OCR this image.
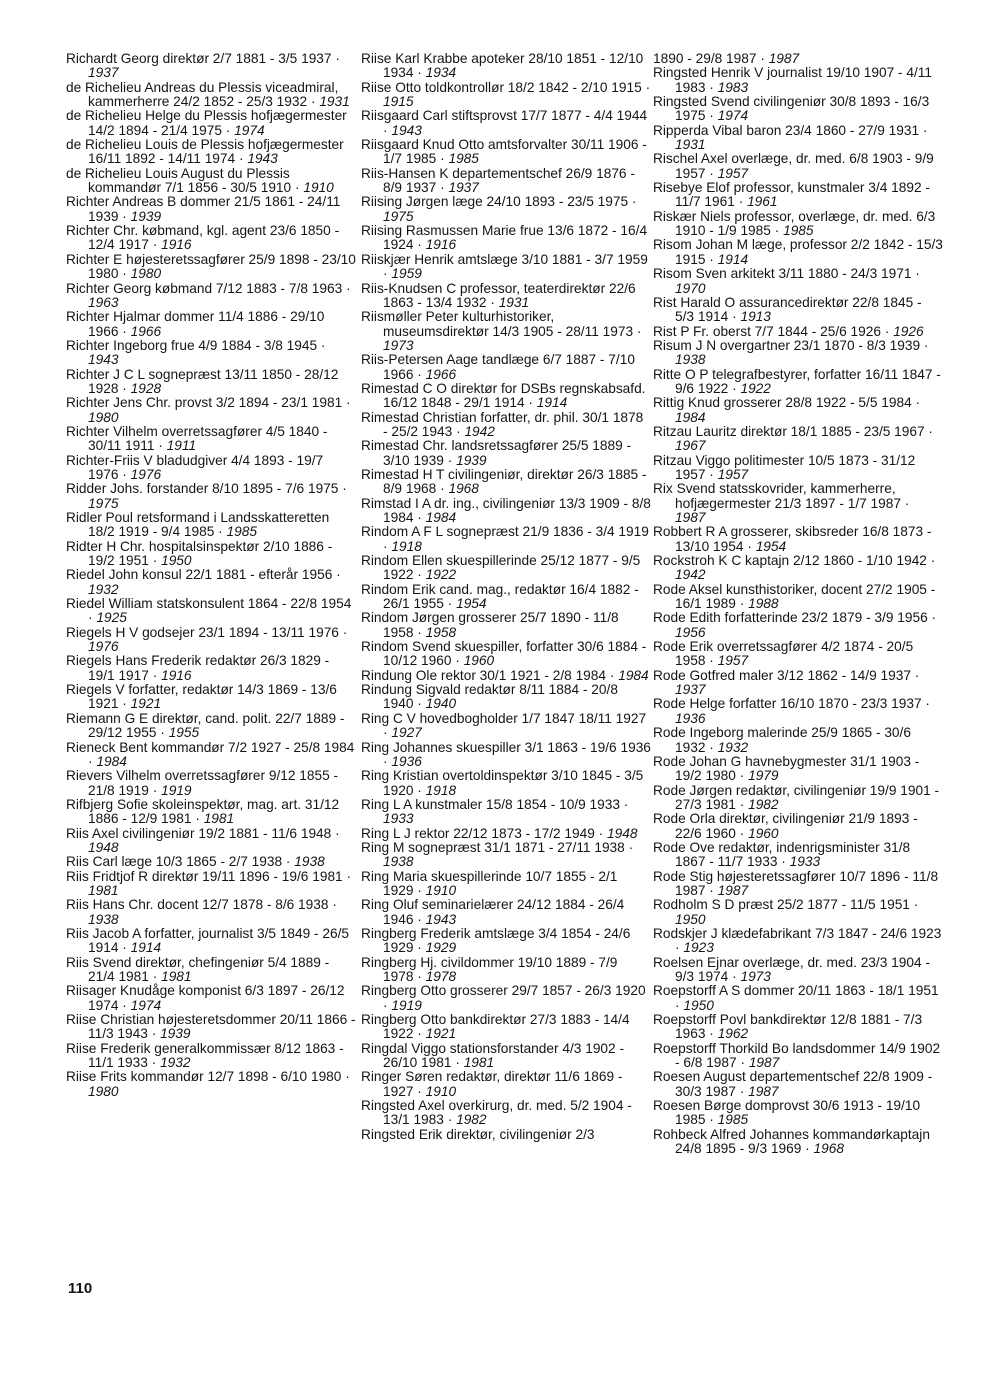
Richardt Georg direktør 2/7 1881 - 3/5 1937 · 1937

de Richelieu Andreas du Plessis viceadmiral, kammerherre 24/2 1852 - 25/3 1932 · 1931

de Richelieu Helge du Plessis hofjægermester 14/2 1894 - 21/4 1975 · 1974

de Richelieu Louis de Plessis hofjægermester 16/11 1892 - 14/11 1974 · 1943

de Richelieu Louis August du Plessis kommandør 7/1 1856 - 30/5 1910 · 1910

Richter Andreas B dommer 21/5 1861 - 24/11 1939 · 1939

Richter Chr. købmand, kgl. agent 23/6 1850 - 12/4 1917 · 1916

Richter E højesteretssagfører 25/9 1898 - 23/10 1980 · 1980

Richter Georg købmand 7/12 1883 - 7/8 1963 · 1963

Richter Hjalmar dommer 11/4 1886 - 29/10 1966 · 1966

Richter Ingeborg frue 4/9 1884 - 3/8 1945 · 1943

Richter J C L sognepræst 13/11 1850 - 28/12 1928 · 1928

Richter Jens Chr. provst 3/2 1894 - 23/1 1981 · 1980

Richter Vilhelm overretssagfører 4/5 1840 - 30/11 1911 · 1911

Richter-Friis V bladudgiver 4/4 1893 - 19/7 1976 · 1976

Ridder Johs. forstander 8/10 1895 - 7/6 1975 · 1975

Ridler Poul retsformand i Landsskatteretten 18/2 1919 - 9/4 1985 · 1985

Ridter H Chr. hospitalsinspektør 2/10 1886 - 19/2 1951 · 1950

Riedel John konsul 22/1 1881 - efterår 1956 · 1932

Riedel William statskonsulent 1864 - 22/8 1954 · 1925

Riegels H V godsejer 23/1 1894 - 13/11 1976 · 1976

Riegels Hans Frederik redaktør 26/3 1829 - 19/1 1917 · 1916

Riegels V forfatter, redaktør 14/3 1869 - 13/6 1921 · 1921

Riemann G E direktør, cand. polit. 22/7 1889 - 29/12 1955 · 1955

Rieneck Bent kommandør 7/2 1927 - 25/8 1984 · 1984

Rievers Vilhelm overretssagfører 9/12 1855 - 21/8 1919 · 1919

Rifbjerg Sofie skoleinspektør, mag. art. 31/12 1886 - 12/9 1981 · 1981

Riis Axel civilingeniør 19/2 1881 - 11/6 1948 · 1948

Riis Carl læge 10/3 1865 - 2/7 1938 · 1938

Riis Fridtjof R direktør 19/11 1896 - 19/6 1981 · 1981

Riis Hans Chr. docent 12/7 1878 - 8/6 1938 · 1938

Riis Jacob A forfatter, journalist 3/5 1849 - 26/5 1914 · 1914

Riis Svend direktør, chefingeniør 5/4 1889 - 21/4 1981 · 1981

Riisager Knudåge komponist 6/3 1897 - 26/12 1974 · 1974

Riise Christian højesteretsdommer 20/11 1866 - 11/3 1943 · 1939

Riise Frederik generalkommissær 8/12 1863 - 11/1 1933 · 1932

Riise Frits kommandør 12/7 1898 - 6/10 1980 · 1980

Riise Karl Krabbe apoteker 28/10 1851 - 12/10 1934 · 1934

Riise Otto toldkontrollør 18/2 1842 - 2/10 1915 · 1915

Riisgaard Carl stiftsprovst 17/7 1877 - 4/4 1944 · 1943

Riisgaard Knud Otto amtsforvalter 30/11 1906 - 1/7 1985 · 1985

Riis-Hansen K departementschef 26/9 1876 - 8/9 1937 · 1937

Riising Jørgen læge 24/10 1893 - 23/5 1975 · 1975

Riising Rasmussen Marie frue 13/6 1872 - 16/4 1924 · 1916

Riiskjær Henrik amtslæge 3/10 1881 - 3/7 1959 · 1959

Riis-Knudsen C professor, teaterdirektør 22/6 1863 - 13/4 1932 · 1931

Riismøller Peter kulturhistoriker, museumsdirektør 14/3 1905 - 28/11 1973 · 1973

Riis-Petersen Aage tandlæge 6/7 1887 - 7/10 1966 · 1966

Rimestad C O direktør for DSBs regnskabsafd. 16/12 1848 - 29/1 1914 · 1914

Rimestad Christian forfatter, dr. phil. 30/1 1878 - 25/2 1943 · 1942

Rimestad Chr. landsretssagfører 25/5 1889 - 3/10 1939 · 1939

Rimestad H T civilingeniør, direktør 26/3 1885 - 8/9 1968 · 1968

Rimstad I A dr. ing., civilingeniør 13/3 1909 - 8/8 1984 · 1984

Rindom A F L sognepræst 21/9 1836 - 3/4 1919 · 1918

Rindom Ellen skuespillerinde 25/12 1877 - 9/5 1922 · 1922

Rindom Erik cand. mag., redaktør 16/4 1882 - 26/1 1955 · 1954

Rindom Jørgen grosserer 25/7 1890 - 11/8 1958 · 1958

Rindom Svend skuespiller, forfatter 30/6 1884 - 10/12 1960 · 1960

Rindung Ole rektor 30/1 1921 - 2/8 1984 · 1984

Rindung Sigvald redaktør 8/11 1884 - 20/8 1940 · 1940

Ring C V hovedbogholder 1/7 1847 18/11 1927 · 1927

Ring Johannes skuespiller 3/1 1863 - 19/6 1936 · 1936

Ring Kristian overtoldinspektør 3/10 1845 - 3/5 1920 · 1918

Ring L A kunstmaler 15/8 1854 - 10/9 1933 · 1933

Ring L J rektor 22/12 1873 - 17/2 1949 · 1948

Ring M sognepræst 31/1 1871 - 27/11 1938 · 1938

Ring Maria skuespillerinde 10/7 1855 - 2/1 1929 · 1910

Ring Oluf seminarielærer 24/12 1884 - 26/4 1946 · 1943

Ringberg Frederik amtslæge 3/4 1854 - 24/6 1929 · 1929

Ringberg Hj. civildommer 19/10 1889 - 7/9 1978 · 1978

Ringberg Otto grosserer 29/7 1857 - 26/3 1920 · 1919

Ringberg Otto bankdirektør 27/3 1883 - 14/4 1922 · 1921

Ringdal Viggo stationsforstander 4/3 1902 - 26/10 1981 · 1981

Ringer Søren redaktør, direktør 11/6 1869 - 1927 · 1910

Ringsted Axel overkirurg, dr. med. 5/2 1904 - 13/1 1983 · 1982

Ringsted Erik direktør, civilingeniør 2/3

1890 - 29/8 1987 · 1987

Ringsted Henrik V journalist 19/10 1907 - 4/11 1983 · 1983

Ringsted Svend civilingeniør 30/8 1893 - 16/3 1975 · 1974

Ripperda Vibal baron 23/4 1860 - 27/9 1931 · 1931

Rischel Axel overlæge, dr. med. 6/8 1903 - 9/9 1957 · 1957

Risebye Elof professor, kunstmaler 3/4 1892 - 11/7 1961 · 1961

Riskær Niels professor, overlæge, dr. med. 6/3 1910 - 1/9 1985 · 1985

Risom Johan M læge, professor 2/2 1842 - 15/3 1915 · 1914

Risom Sven arkitekt 3/11 1880 - 24/3 1971 · 1970

Rist Harald O assurancedirektør 22/8 1845 - 5/3 1914 · 1913

Rist P Fr. oberst 7/7 1844 - 25/6 1926 · 1926

Risum J N overgartner 23/1 1870 - 8/3 1939 · 1938

Ritte O P telegrafbestyrer, forfatter 16/11 1847 - 9/6 1922 · 1922

Rittig Knud grosserer 28/8 1922 - 5/5 1984 · 1984

Ritzau Lauritz direktør 18/1 1885 - 23/5 1967 · 1967

Ritzau Viggo politimester 10/5 1873 - 31/12 1957 · 1957

Rix Svend statsskovrider, kammerherre, hofjægermester 21/3 1897 - 1/7 1987 · 1987

Robbert R A grosserer, skibsreder 16/8 1873 - 13/10 1954 · 1954

Rockstroh K C kaptajn 2/12 1860 - 1/10 1942 · 1942

Rode Aksel kunsthistoriker, docent 27/2 1905 - 16/1 1989 · 1988

Rode Edith forfatterinde 23/2 1879 - 3/9 1956 · 1956

Rode Erik overretssagfører 4/2 1874 - 20/5 1958 · 1957

Rode Gotfred maler 3/12 1862 - 14/9 1937 · 1937

Rode Helge forfatter 16/10 1870 - 23/3 1937 · 1936

Rode Ingeborg malerinde 25/9 1865 - 30/6 1932 · 1932

Rode Johan G havnebygmester 31/1 1903 - 19/2 1980 · 1979

Rode Jørgen redaktør, civilingeniør 19/9 1901 - 27/3 1981 · 1982

Rode Orla direktør, civilingeniør 21/9 1893 - 22/6 1960 · 1960

Rode Ove redaktør, indenrigsminister 31/8 1867 - 11/7 1933 · 1933

Rode Stig højesteretssagfører 10/7 1896 - 11/8 1987 · 1987

Rodholm S D præst 25/2 1877 - 11/5 1951 · 1950

Rodskjer J klædefabrikant 7/3 1847 - 24/6 1923 · 1923

Roelsen Ejnar overlæge, dr. med. 23/3 1904 - 9/3 1974 · 1973

Roepstorff A S dommer 20/11 1863 - 18/1 1951 · 1950

Roepstorff Povl bankdirektør 12/8 1881 - 7/3 1963 · 1962

Roepstorff Thorkild Bo landsdommer 14/9 1902 - 6/8 1987 · 1987

Roesen August departementschef 22/8 1909 - 30/3 1987 · 1987

Roesen Børge domprovst 30/6 1913 - 19/10 1985 · 1985

Rohbeck Alfred Johannes kommandørkaptajn 24/8 1895 - 9/3 1969 · 1968

110
